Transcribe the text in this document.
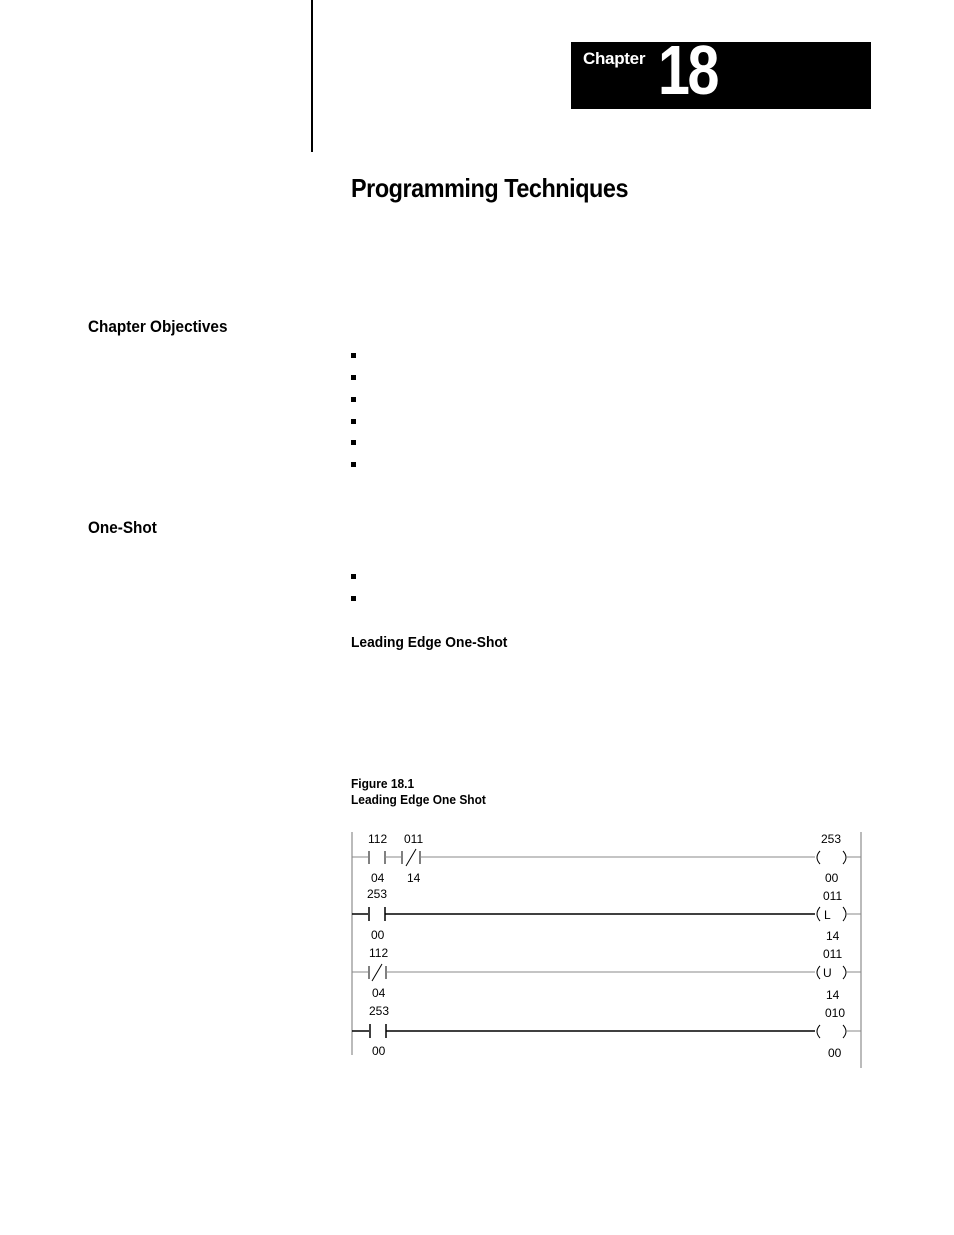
Chapter 18
Programming Techniques
Chapter Objectives
One-Shot
Leading Edge One-Shot
Figure 18.1
Leading Edge One Shot
112
04
011
14
253
00
253
00
L
011
14
112
04
U
011
14
253
00
010
00
